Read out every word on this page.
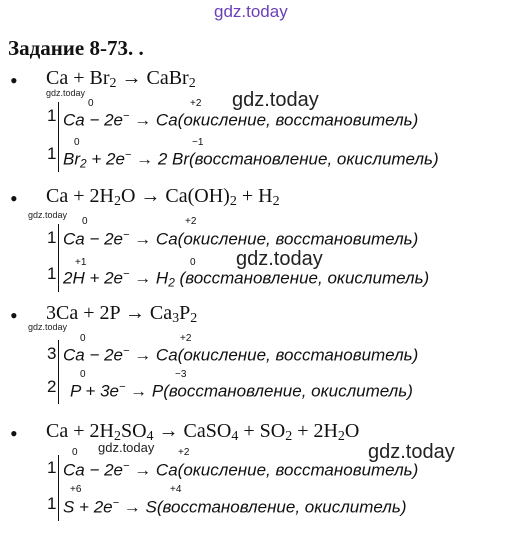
gdz.today
Задание 8-73. .
• $Ca + Br_2$ → CaBr$_2$
gdz.today	gdz.today
1
1
0	+2
Ca − 2e− → Ca(окисление, восстановитель)
0	−1
$Br_2 + 2e^- \to 2$ Br(восстановление, окислитель)
• $Ca + 2H_2O \to Ca(OH)_2 + H_2$
gdz.today
gdz.today
1
1
0	+2
Ca − 2e− → Ca(окисление, восстановитель)
+1	0
$2H + 2e^- \to H_2$ (восстановление, окислитель)
• $3Ca + 2P \to Ca_3P_2$
gdz.today
3
2
0	+2
Ca − 2e− → Ca(окисление, восстановитель)
0	−3
P + 3e− → P(восстановление, окислитель)
• $Ca + 2H_2SO_4$ → CaSO$_4$ + $SO_2 + 2H_2O$
gdz.today	gdz.today
1
1
0	+2
Ca − 2e− → Ca(окисление, восстановитель)
+6	+4
S + 2e− → S(восстановление, окислитель)
